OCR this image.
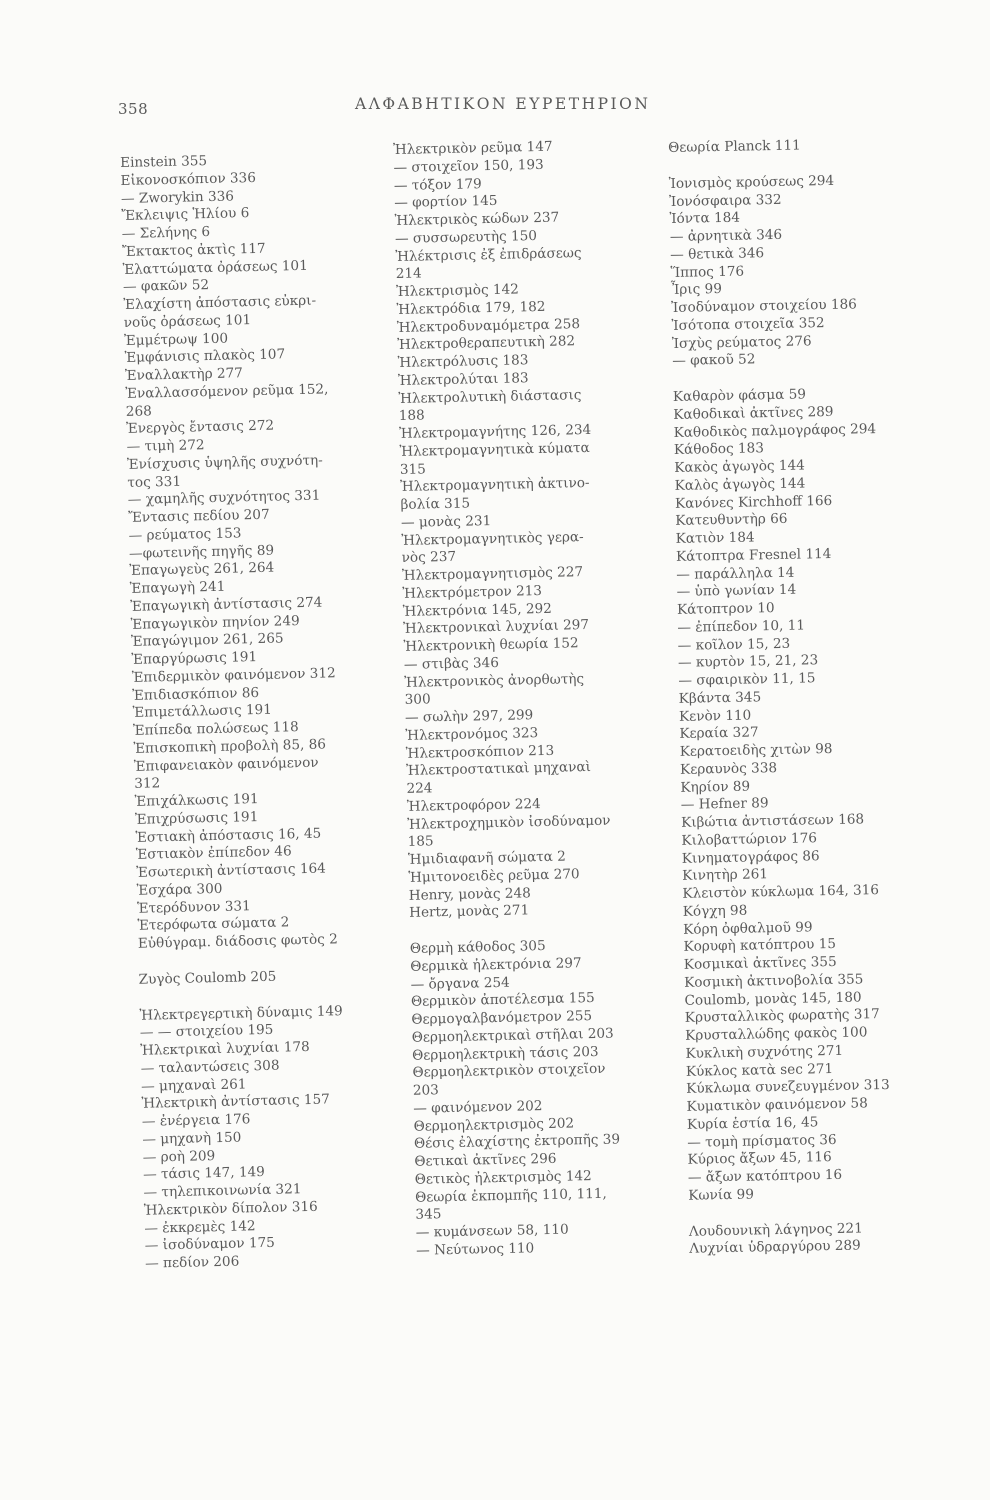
358	ΑΛΦΑΒΗΤΙΚΟΝ ΕΥΡΕΤΗΡΙΟΝ
Einstein 355
Εἰκονοσκόπιον 336
— Zworykin 336
Ἔκλειψις Ἡλίου 6
— Σελήνης 6
Ἔκτακτος ἀκτὶς 117
Ἐλαττώματα ὀράσεως 101
— φακῶν 52
Ἐλαχίστη ἀπόστασις εὐκρι-
νοῦς ὀράσεως 101
Ἐμμέτρωψ 100
Ἐμφάνισις πλακὸς 107
Ἐναλλακτὴρ 277
Ἐναλλασσόμενον ρεῦμα 152,
268
Ἐνεργὸς ἔντασις 272
— τιμὴ 272
Ἐνίσχυσις ὑψηλῆς συχνότη-
τος 331
— χαμηλῆς συχνότητος 331
Ἔντασις πεδίου 207
— ρεύματος 153
—φωτεινῆς πηγῆς 89
Ἐπαγωγεὺς 261, 264
Ἐπαγωγὴ 241
Ἐπαγωγικὴ ἀντίστασις 274
Ἐπαγωγικὸν πηνίον 249
Ἐπαγώγιμον 261, 265
Ἐπαργύρωσις 191
Ἐπιδερμικὸν φαινόμενον 312
Ἐπιδιασκόπιον 86
Ἐπιμετάλλωσις 191
Ἐπίπεδα πολώσεως 118
Ἐπισκοπικὴ προβολὴ 85, 86
Ἐπιφανειακὸν φαινόμενον
312
Ἐπιχάλκωσις 191
Ἐπιχρύσωσις 191
Ἑστιακὴ ἀπόστασις 16, 45
Ἑστιακὸν ἐπίπεδον 46
Ἐσωτερικὴ ἀντίστασις 164
Ἐσχάρα 300
Ἑτερόδυνον 331
Ἑτερόφωτα σώματα 2
Εὐθύγραμ. διάδοσις φωτὸς 2
Ζυγὸς Coulomb 205
Ἠλεκτρεγερτικὴ δύναμις 149
— — στοιχείου 195
Ἠλεκτρικαὶ λυχνίαι 178
— ταλαντώσεις 308
— μηχαναὶ 261
Ἠλεκτρικὴ ἀντίστασις 157
— ἐνέργεια 176
— μηχανὴ 150
— ροὴ 209
— τάσις 147, 149
— τηλεπικοινωνία 321
Ἠλεκτρικὸν δίπολον 316
— ἐκκρεμὲς 142
— ἰσοδύναμον 175
— πεδίον 206
Ἠλεκτρικὸν ρεῦμα 147
— στοιχεῖον 150, 193
— τόξον 179
— φορτίον 145
Ἠλεκτρικὸς κώδων 237
— συσσωρευτὴς 150
Ἠλέκτρισις ἐξ ἐπιδράσεως
214
Ἠλεκτρισμὸς 142
Ἠλεκτρόδια 179, 182
Ἠλεκτροδυναμόμετρα 258
Ἠλεκτροθεραπευτικὴ 282
Ἠλεκτρόλυσις 183
Ἠλεκτρολύται 183
Ἠλεκτρολυτικὴ διάστασις
188
Ἠλεκτρομαγνήτης 126, 234
Ἠλεκτρομαγνητικὰ κύματα
315
Ἠλεκτρομαγνητικὴ ἀκτινο-
βολία 315
— μονὰς 231
Ἠλεκτρομαγνητικὸς γερα-
νὸς 237
Ἠλεκτρομαγνητισμὸς 227
Ἠλεκτρόμετρον 213
Ἠλεκτρόνια 145, 292
Ἠλεκτρονικαὶ λυχνίαι 297
Ἠλεκτρονικὴ θεωρία 152
— στιβὰς 346
Ἠλεκτρονικὸς ἀνορθωτὴς
300
— σωλὴν 297, 299
Ἠλεκτρονόμος 323
Ἠλεκτροσκόπιον 213
Ἠλεκτροστατικαὶ μηχαναὶ
224
Ἠλεκτροφόρον 224
Ἠλεκτροχημικὸν ἰσοδύναμον
185
Ἡμιδιαφανῆ σώματα 2
Ἡμιτονοειδὲς ρεῦμα 270
Henry, μονὰς 248
Hertz, μονὰς 271
Θερμὴ κάθοδος 305
Θερμικὰ ἠλεκτρόνια 297
— ὄργανα 254
Θερμικὸν ἀποτέλεσμα 155
Θερμογαλβανόμετρον 255
Θερμοηλεκτρικαὶ στῆλαι 203
Θερμοηλεκτρικὴ τάσις 203
Θερμοηλεκτρικὸν στοιχεῖον
203
— φαινόμενον 202
Θερμοηλεκτρισμὸς 202
Θέσις ἐλαχίστης ἐκτροπῆς 39
Θετικαὶ ἀκτῖνες 296
Θετικὸς ἠλεκτρισμὸς 142
Θεωρία ἐκπομπῆς 110, 111,
345
— κυμάνσεων 58, 110
— Νεύτωνος 110
Θεωρία Planck 111
Ἰονισμὸς κρούσεως 294
Ἰονόσφαιρα 332
Ἰόντα 184
— ἀρνητικὰ 346
— θετικὰ 346
Ἵππος 176
Ἶρις 99
Ἰσοδύναμον στοιχείου 186
Ἰσότοπα στοιχεῖα 352
Ἰσχὺς ρεύματος 276
— φακοῦ 52
Καθαρὸν φάσμα 59
Καθοδικαὶ ἀκτῖνες 289
Καθοδικὸς παλμογράφος 294
Κάθοδος 183
Κακὸς ἀγωγὸς 144
Καλὸς ἀγωγὸς 144
Κανόνες Kirchhoff 166
Κατευθυντὴρ 66
Κατιὸν 184
Κάτοπτρα Fresnel 114
— παράλληλα 14
— ὑπὸ γωνίαν 14
Κάτοπτρον 10
— ἐπίπεδον 10, 11
— κοῖλον 15, 23
— κυρτὸν 15, 21, 23
— σφαιρικὸν 11, 15
Κβάντα 345
Κενὸν 110
Κεραία 327
Κερατοειδὴς χιτὼν 98
Κεραυνὸς 338
Κηρίον 89
— Hefner 89
Κιβώτια ἀντιστάσεων 168
Κιλοβαττώριον 176
Κινηματογράφος 86
Κινητὴρ 261
Κλειστὸν κύκλωμα 164, 316
Κόγχη 98
Κόρη ὀφθαλμοῦ 99
Κορυφὴ κατόπτρου 15
Κοσμικαὶ ἀκτῖνες 355
Κοσμικὴ ἀκτινοβολία 355
Coulomb, μονὰς 145, 180
Κρυσταλλικὸς φωρατὴς 317
Κρυσταλλώδης φακὸς 100
Κυκλικὴ συχνότης 271
Κύκλος κατὰ sec 271
Κύκλωμα συνεζευγμένον 313
Κυματικὸν φαινόμενον 58
Κυρία ἑστία 16, 45
— τομὴ πρίσματος 36
Κύριος ἄξων 45, 116
— ἄξων κατόπτρου 16
Κωνία 99
Λουδουνικὴ λάγηνος 221
Λυχνίαι ὑδραργύρου 289
